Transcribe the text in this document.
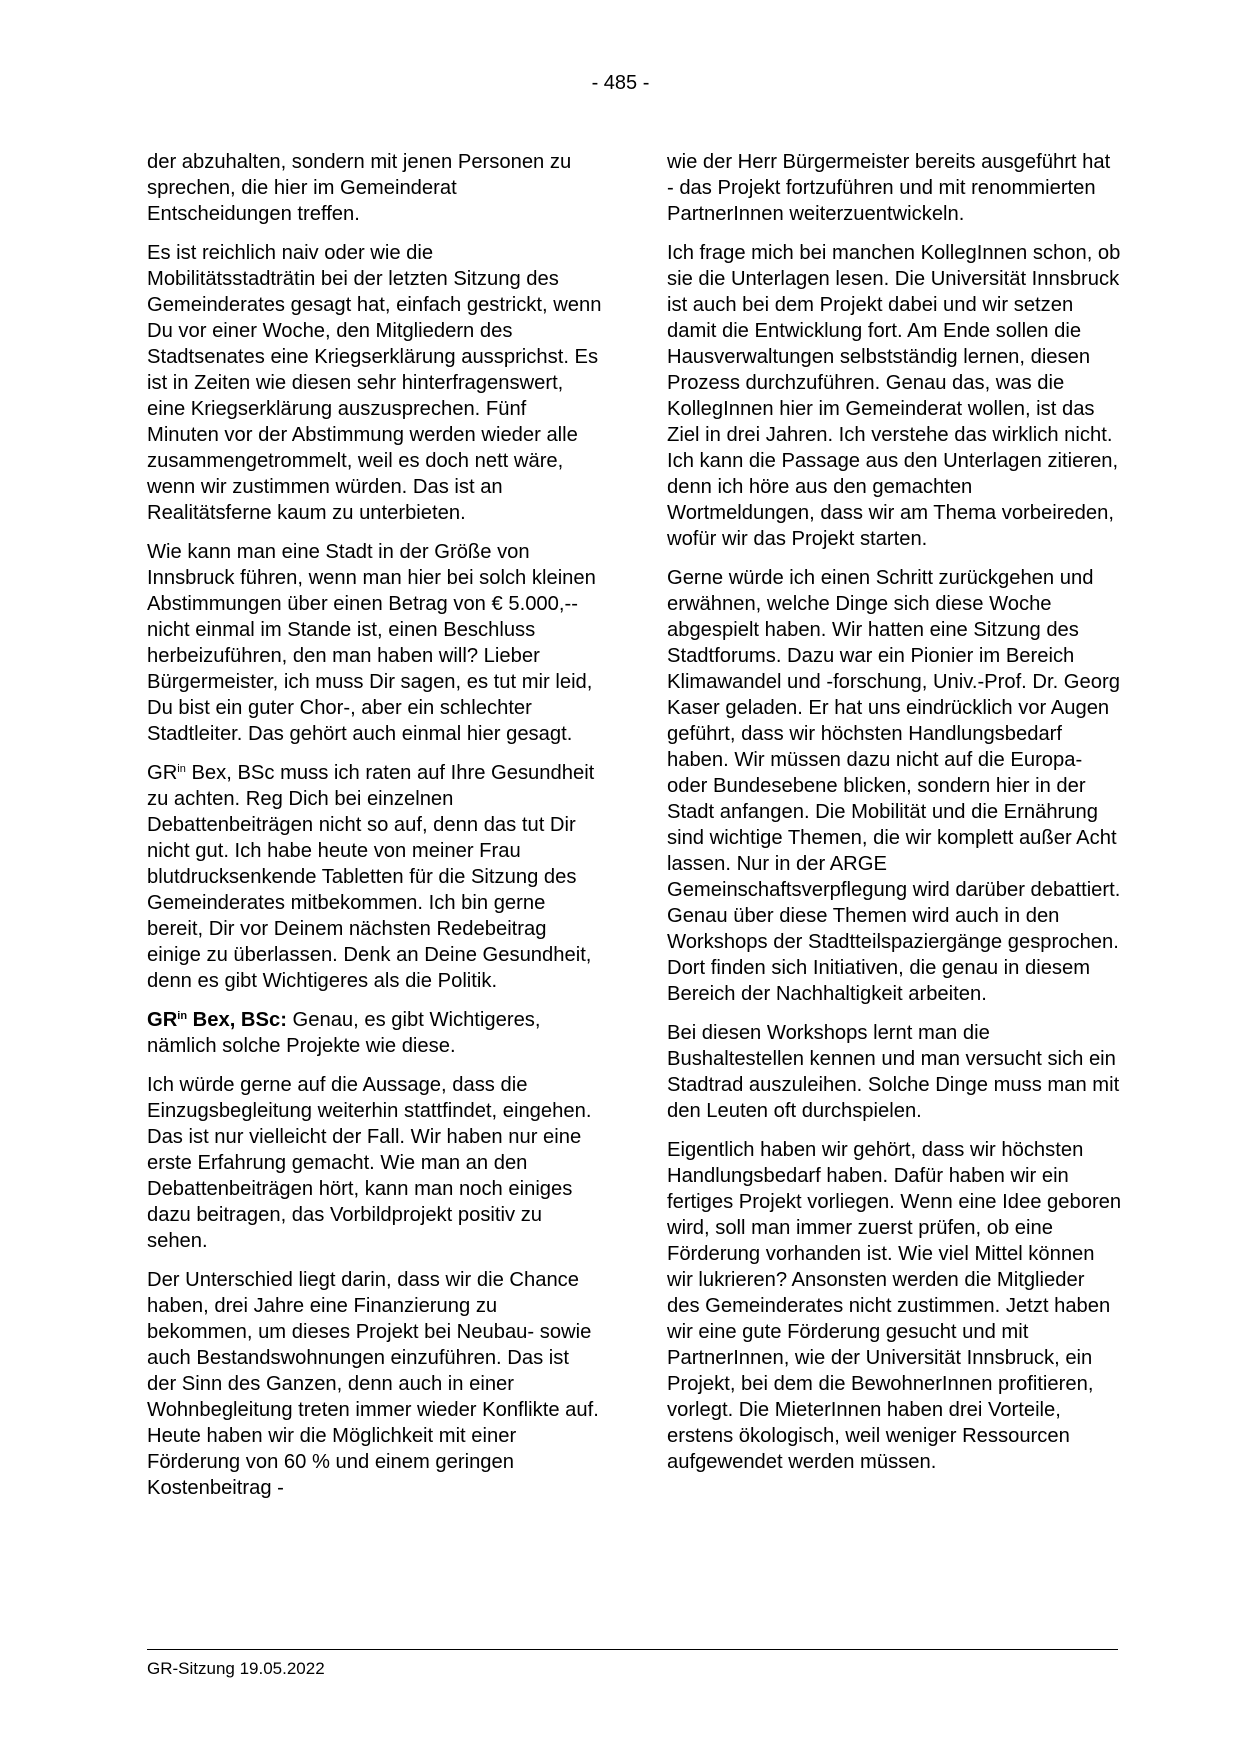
- 485 -

der abzuhalten, sondern mit jenen Personen zu sprechen, die hier im Gemeinderat Entscheidungen treffen.

Es ist reichlich naiv oder wie die Mobilitätsstadträtin bei der letzten Sitzung des Gemeinderates gesagt hat, einfach gestrickt, wenn Du vor einer Woche, den Mitgliedern des Stadtsenates eine Kriegserklärung aussprichst. Es ist in Zeiten wie diesen sehr hinterfragenswert, eine Kriegserklärung auszusprechen. Fünf Minuten vor der Abstimmung werden wieder alle zusammengetrommelt, weil es doch nett wäre, wenn wir zustimmen würden. Das ist an Realitätsferne kaum zu unterbieten.

Wie kann man eine Stadt in der Größe von Innsbruck führen, wenn man hier bei solch kleinen Abstimmungen über einen Betrag von € 5.000,-- nicht einmal im Stande ist, einen Beschluss herbeizuführen, den man haben will? Lieber Bürgermeister, ich muss Dir sagen, es tut mir leid, Du bist ein guter Chor-, aber ein schlechter Stadtleiter. Das gehört auch einmal hier gesagt.

$GR^{in}$ Bex, BSc muss ich raten auf Ihre Gesundheit zu achten. Reg Dich bei einzelnen Debattenbeiträgen nicht so auf, denn das tut Dir nicht gut. Ich habe heute von meiner Frau blutdrucksenkende Tabletten für die Sitzung des Gemeinderates mitbekommen. Ich bin gerne bereit, Dir vor Deinem nächsten Redebeitrag einige zu überlassen. Denk an Deine Gesundheit, denn es gibt Wichtigeres als die Politik.

$GR^{in}$ Bex, BSc: Genau, es gibt Wichtigeres, nämlich solche Projekte wie diese.

Ich würde gerne auf die Aussage, dass die Einzugsbegleitung weiterhin stattfindet, eingehen. Das ist nur vielleicht der Fall. Wir haben nur eine erste Erfahrung gemacht. Wie man an den Debattenbeiträgen hört, kann man noch einiges dazu beitragen, das Vorbildprojekt positiv zu sehen.

Der Unterschied liegt darin, dass wir die Chance haben, drei Jahre eine Finanzierung zu bekommen, um dieses Projekt bei Neubau- sowie auch Bestandswohnungen einzuführen. Das ist der Sinn des Ganzen, denn auch in einer Wohnbegleitung treten immer wieder Konflikte auf. Heute haben wir die Möglichkeit mit einer Förderung von 60 % und einem geringen Kostenbeitrag -

wie der Herr Bürgermeister bereits ausgeführt hat - das Projekt fortzuführen und mit renommierten PartnerInnen weiterzuentwickeln.

Ich frage mich bei manchen KollegInnen schon, ob sie die Unterlagen lesen. Die Universität Innsbruck ist auch bei dem Projekt dabei und wir setzen damit die Entwicklung fort. Am Ende sollen die Hausverwaltungen selbstständig lernen, diesen Prozess durchzuführen. Genau das, was die KollegInnen hier im Gemeinderat wollen, ist das Ziel in drei Jahren. Ich verstehe das wirklich nicht. Ich kann die Passage aus den Unterlagen zitieren, denn ich höre aus den gemachten Wortmeldungen, dass wir am Thema vorbeireden, wofür wir das Projekt starten.

Gerne würde ich einen Schritt zurückgehen und erwähnen, welche Dinge sich diese Woche abgespielt haben. Wir hatten eine Sitzung des Stadtforums. Dazu war ein Pionier im Bereich Klimawandel und -forschung, Univ.-Prof. Dr. Georg Kaser geladen. Er hat uns eindrücklich vor Augen geführt, dass wir höchsten Handlungsbedarf haben. Wir müssen dazu nicht auf die Europa- oder Bundesebene blicken, sondern hier in der Stadt anfangen. Die Mobilität und die Ernährung sind wichtige Themen, die wir komplett außer Acht lassen. Nur in der ARGE Gemeinschaftsverpflegung wird darüber debattiert. Genau über diese Themen wird auch in den Workshops der Stadtteilspaziergänge gesprochen. Dort finden sich Initiativen, die genau in diesem Bereich der Nachhaltigkeit arbeiten.

Bei diesen Workshops lernt man die Bushaltestellen kennen und man versucht sich ein Stadtrad auszuleihen. Solche Dinge muss man mit den Leuten oft durchspielen.

Eigentlich haben wir gehört, dass wir höchsten Handlungsbedarf haben. Dafür haben wir ein fertiges Projekt vorliegen. Wenn eine Idee geboren wird, soll man immer zuerst prüfen, ob eine Förderung vorhanden ist. Wie viel Mittel können wir lukrieren? Ansonsten werden die Mitglieder des Gemeinderates nicht zustimmen. Jetzt haben wir eine gute Förderung gesucht und mit PartnerInnen, wie der Universität Innsbruck, ein Projekt, bei dem die BewohnerInnen profitieren, vorlegt. Die MieterInnen haben drei Vorteile, erstens ökologisch, weil weniger Ressourcen aufgewendet werden müssen.

GR-Sitzung 19.05.2022
